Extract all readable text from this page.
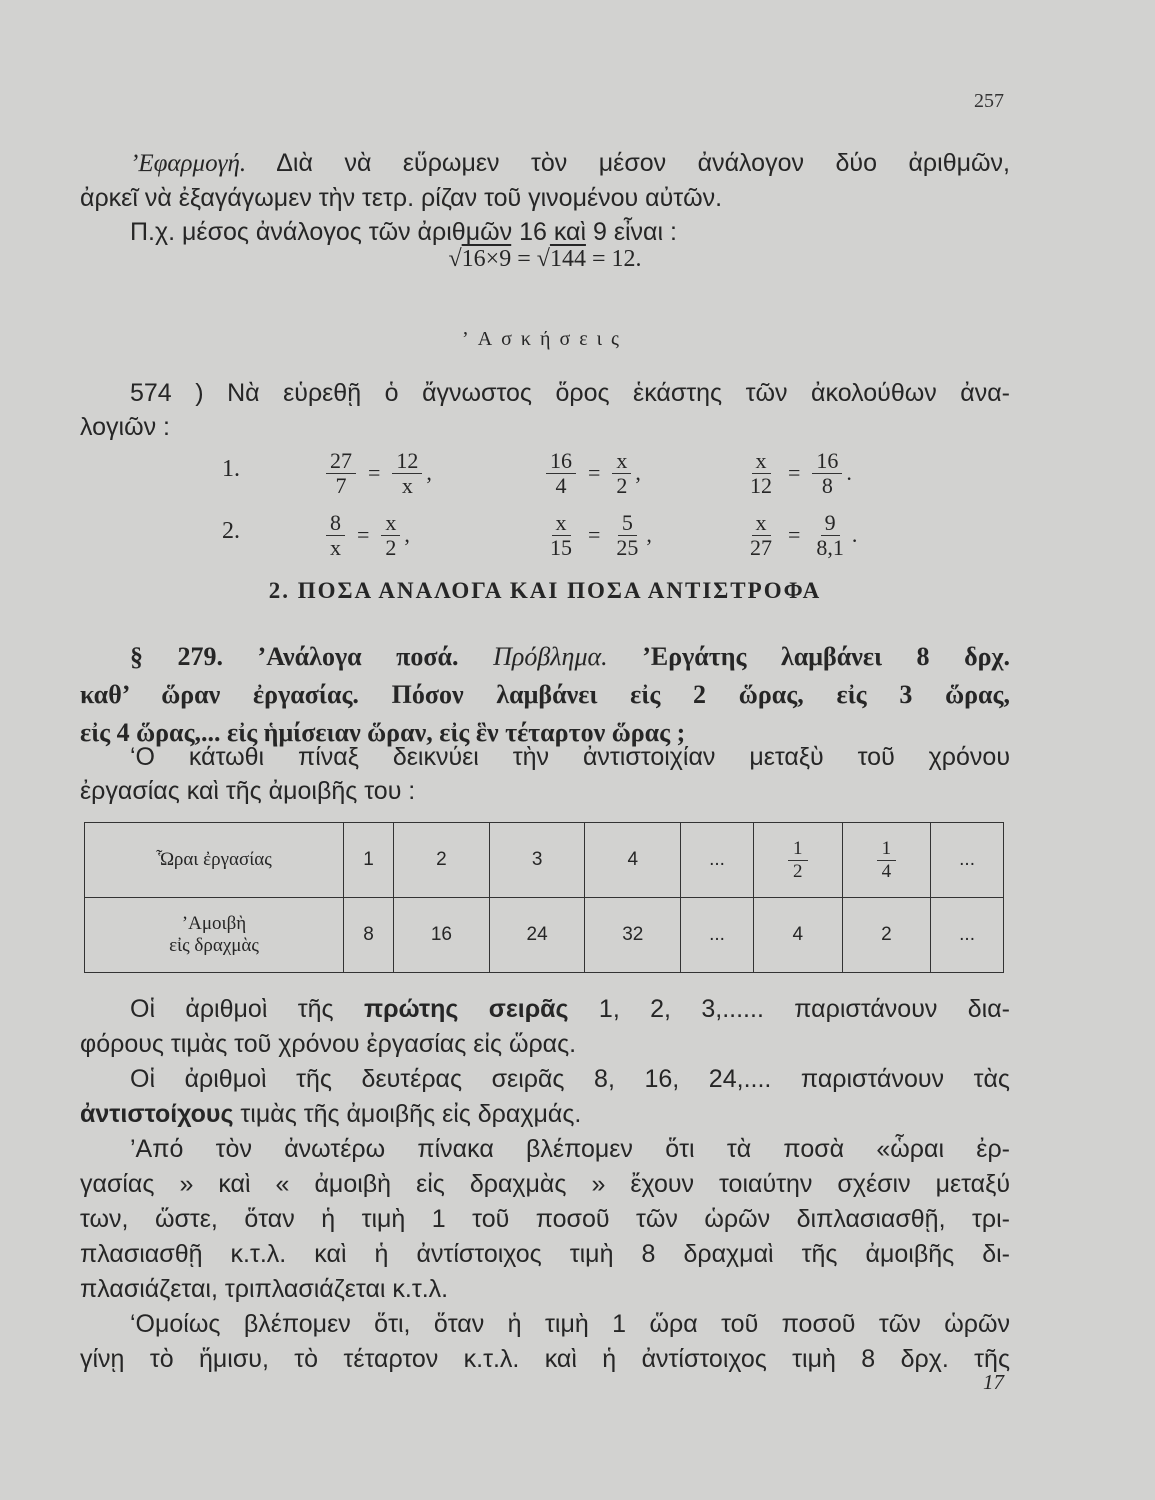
257
’Εφαρμογή. Διὰ νὰ εὕρωμεν τὸν μέσον ἀνάλογον δύο ἀριθμῶν,
ἀρκεῖ νὰ ἐξαγάγωμεν τὴν τετρ. ρίζαν τοῦ γινομένου αὐτῶν.
Π.χ. μέσος ἀνάλογος τῶν ἀριθμῶν 16 καὶ 9 εἶναι :
√16×9 = √144 = 12.
’Ασκήσεις
574 ) Νὰ εὑρεθῇ ὁ ἄγνωστος ὅρος ἑκάστης τῶν ἀκολούθων ἀνα-
λογιῶν :
1.	$\frac{27}{7} = \frac{12}{x}$ ,	$\frac{16}{4} = \frac{x}{2}$ ,	$\frac{x}{12} = \frac{16}{8}$ .
2.	$\frac{8}{x} = \frac{x}{2}$ ,	$\frac{x}{15} = \frac{5}{25}$ ,	$\frac{x}{27} = \frac{9}{8,1}$ .
2. ΠΟΣΑ ΑΝΑΛΟΓΑ ΚΑΙ ΠΟΣΑ ΑΝΤΙΣΤΡΟΦΑ
§ 279. ’Ανάλογα ποσά. Πρόβλημα. ’Εργάτης λαμβάνει 8 δρχ.
καθ’ ὥραν ἐργασίας. Πόσον λαμβάνει εἰς 2 ὥρας, εἰς 3 ὥρας,
εἰς 4 ὥρας,... εἰς ἡμίσειαν ὥραν, εἰς ἓν τέταρτον ὥρας ;
‘Ο κάτωθι πίναξ δεικνύει τὴν ἀντιστοιχίαν μεταξὺ τοῦ χρόνου
ἐργασίας καὶ τῆς ἀμοιβῆς του :
Ὧραι ἐργασίας	1	2	3	4	...	$\frac{1}{2}$	$\frac{1}{4}$	...
’Αμοιβὴ
εἰς δραχμὰς	8	16	24	32	...	4	2	...
Οἱ ἀριθμοὶ τῆς πρώτης σειρᾶς 1, 2, 3,...... παριστάνουν δια-
φόρους τιμὰς τοῦ χρόνου ἐργασίας εἰς ὥρας.
Οἱ ἀριθμοὶ τῆς δευτέρας σειρᾶς 8, 16, 24,.... παριστάνουν τὰς
ἀντιστοίχους τιμὰς τῆς ἀμοιβῆς εἰς δραχμάς.
’Από τὸν ἀνωτέρω πίνακα βλέπομεν ὅτι τὰ ποσὰ «ὧραι ἐρ-
γασίας » καὶ « ἀμοιβὴ εἰς δραχμὰς » ἔχουν τοιαύτην σχέσιν μεταξύ
των, ὥστε, ὅταν ἡ τιμὴ 1 τοῦ ποσοῦ τῶν ὡρῶν διπλασιασθῇ, τρι-
πλασιασθῇ κ.τ.λ. καὶ ἡ ἀντίστοιχος τιμὴ 8 δραχμαὶ τῆς ἀμοιβῆς δι-
πλασιάζεται, τριπλασιάζεται κ.τ.λ.
‘Ομοίως βλέπομεν ὅτι, ὅταν ἡ τιμὴ 1 ὥρα τοῦ ποσοῦ τῶν ὡρῶν
γίνῃ τὸ ἥμισυ, τὸ τέταρτον κ.τ.λ. καὶ ἡ ἀντίστοιχος τιμὴ 8 δρχ. τῆς
17
